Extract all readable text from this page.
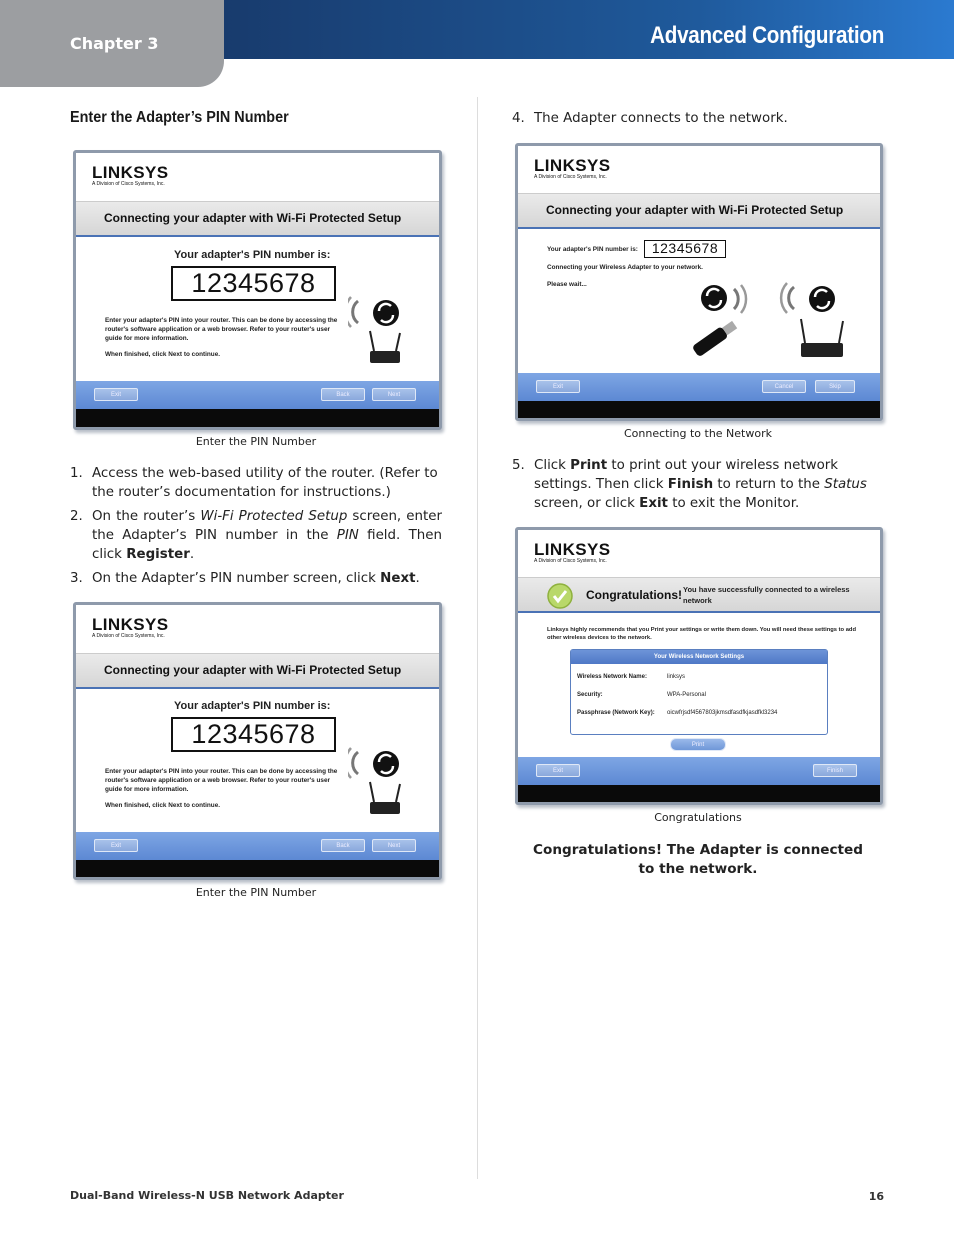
Chapter 3	Advanced Configuration
Enter the Adapter’s PIN Number
LINKSYS
A Division of Cisco Systems, Inc.
Connecting your adapter with Wi-Fi Protected Setup
Your adapter's PIN number is:
12345678
Enter your adapter's PIN into your router. This can be done by accessing the router's software application or a web browser. Refer to your router's user guide for more information.
When finished, click Next to continue.
Exit	Back	Next
Enter the PIN Number
1. Access the web-based utility of the router. (Refer to the router’s documentation for instructions.)
2. On the router’s Wi-Fi Protected Setup screen, enter the Adapter’s PIN number in the PIN field. Then click Register.
3. On the Adapter’s PIN number screen, click Next.
LINKSYS
A Division of Cisco Systems, Inc.
Connecting your adapter with Wi-Fi Protected Setup
Your adapter's PIN number is:
12345678
Enter your adapter's PIN into your router. This can be done by accessing the router's software application or a web browser. Refer to your router's user guide for more information.
When finished, click Next to continue.
Exit	Back	Next
Enter the PIN Number
4. The Adapter connects to the network.
LINKSYS
A Division of Cisco Systems, Inc.
Connecting your adapter with Wi-Fi Protected Setup
Your adapter's PIN number is: 12345678
Connecting your Wireless Adapter to your network.
Please wait...
Exit	Cancel	Skip
Connecting to the Network
5. Click Print to print out your wireless network settings. Then click Finish to return to the Status screen, or click Exit to exit the Monitor.
LINKSYS
A Division of Cisco Systems, Inc.
Congratulations! You have successfully connected to a wireless network
Linksys highly recommends that you Print your settings or write them down. You will need these settings to add other wireless devices to the network.
Your Wireless Network Settings
Wireless Network Name:	linksys
Security:	WPA-Personal
Passphrase (Network Key): oicwfrjsdf4567803jkmsdfasdfkjasdfkl3234
Print
Exit	Finish
Congratulations
Congratulations! The Adapter is connected to the network.
Dual-Band Wireless-N USB Network Adapter	16
